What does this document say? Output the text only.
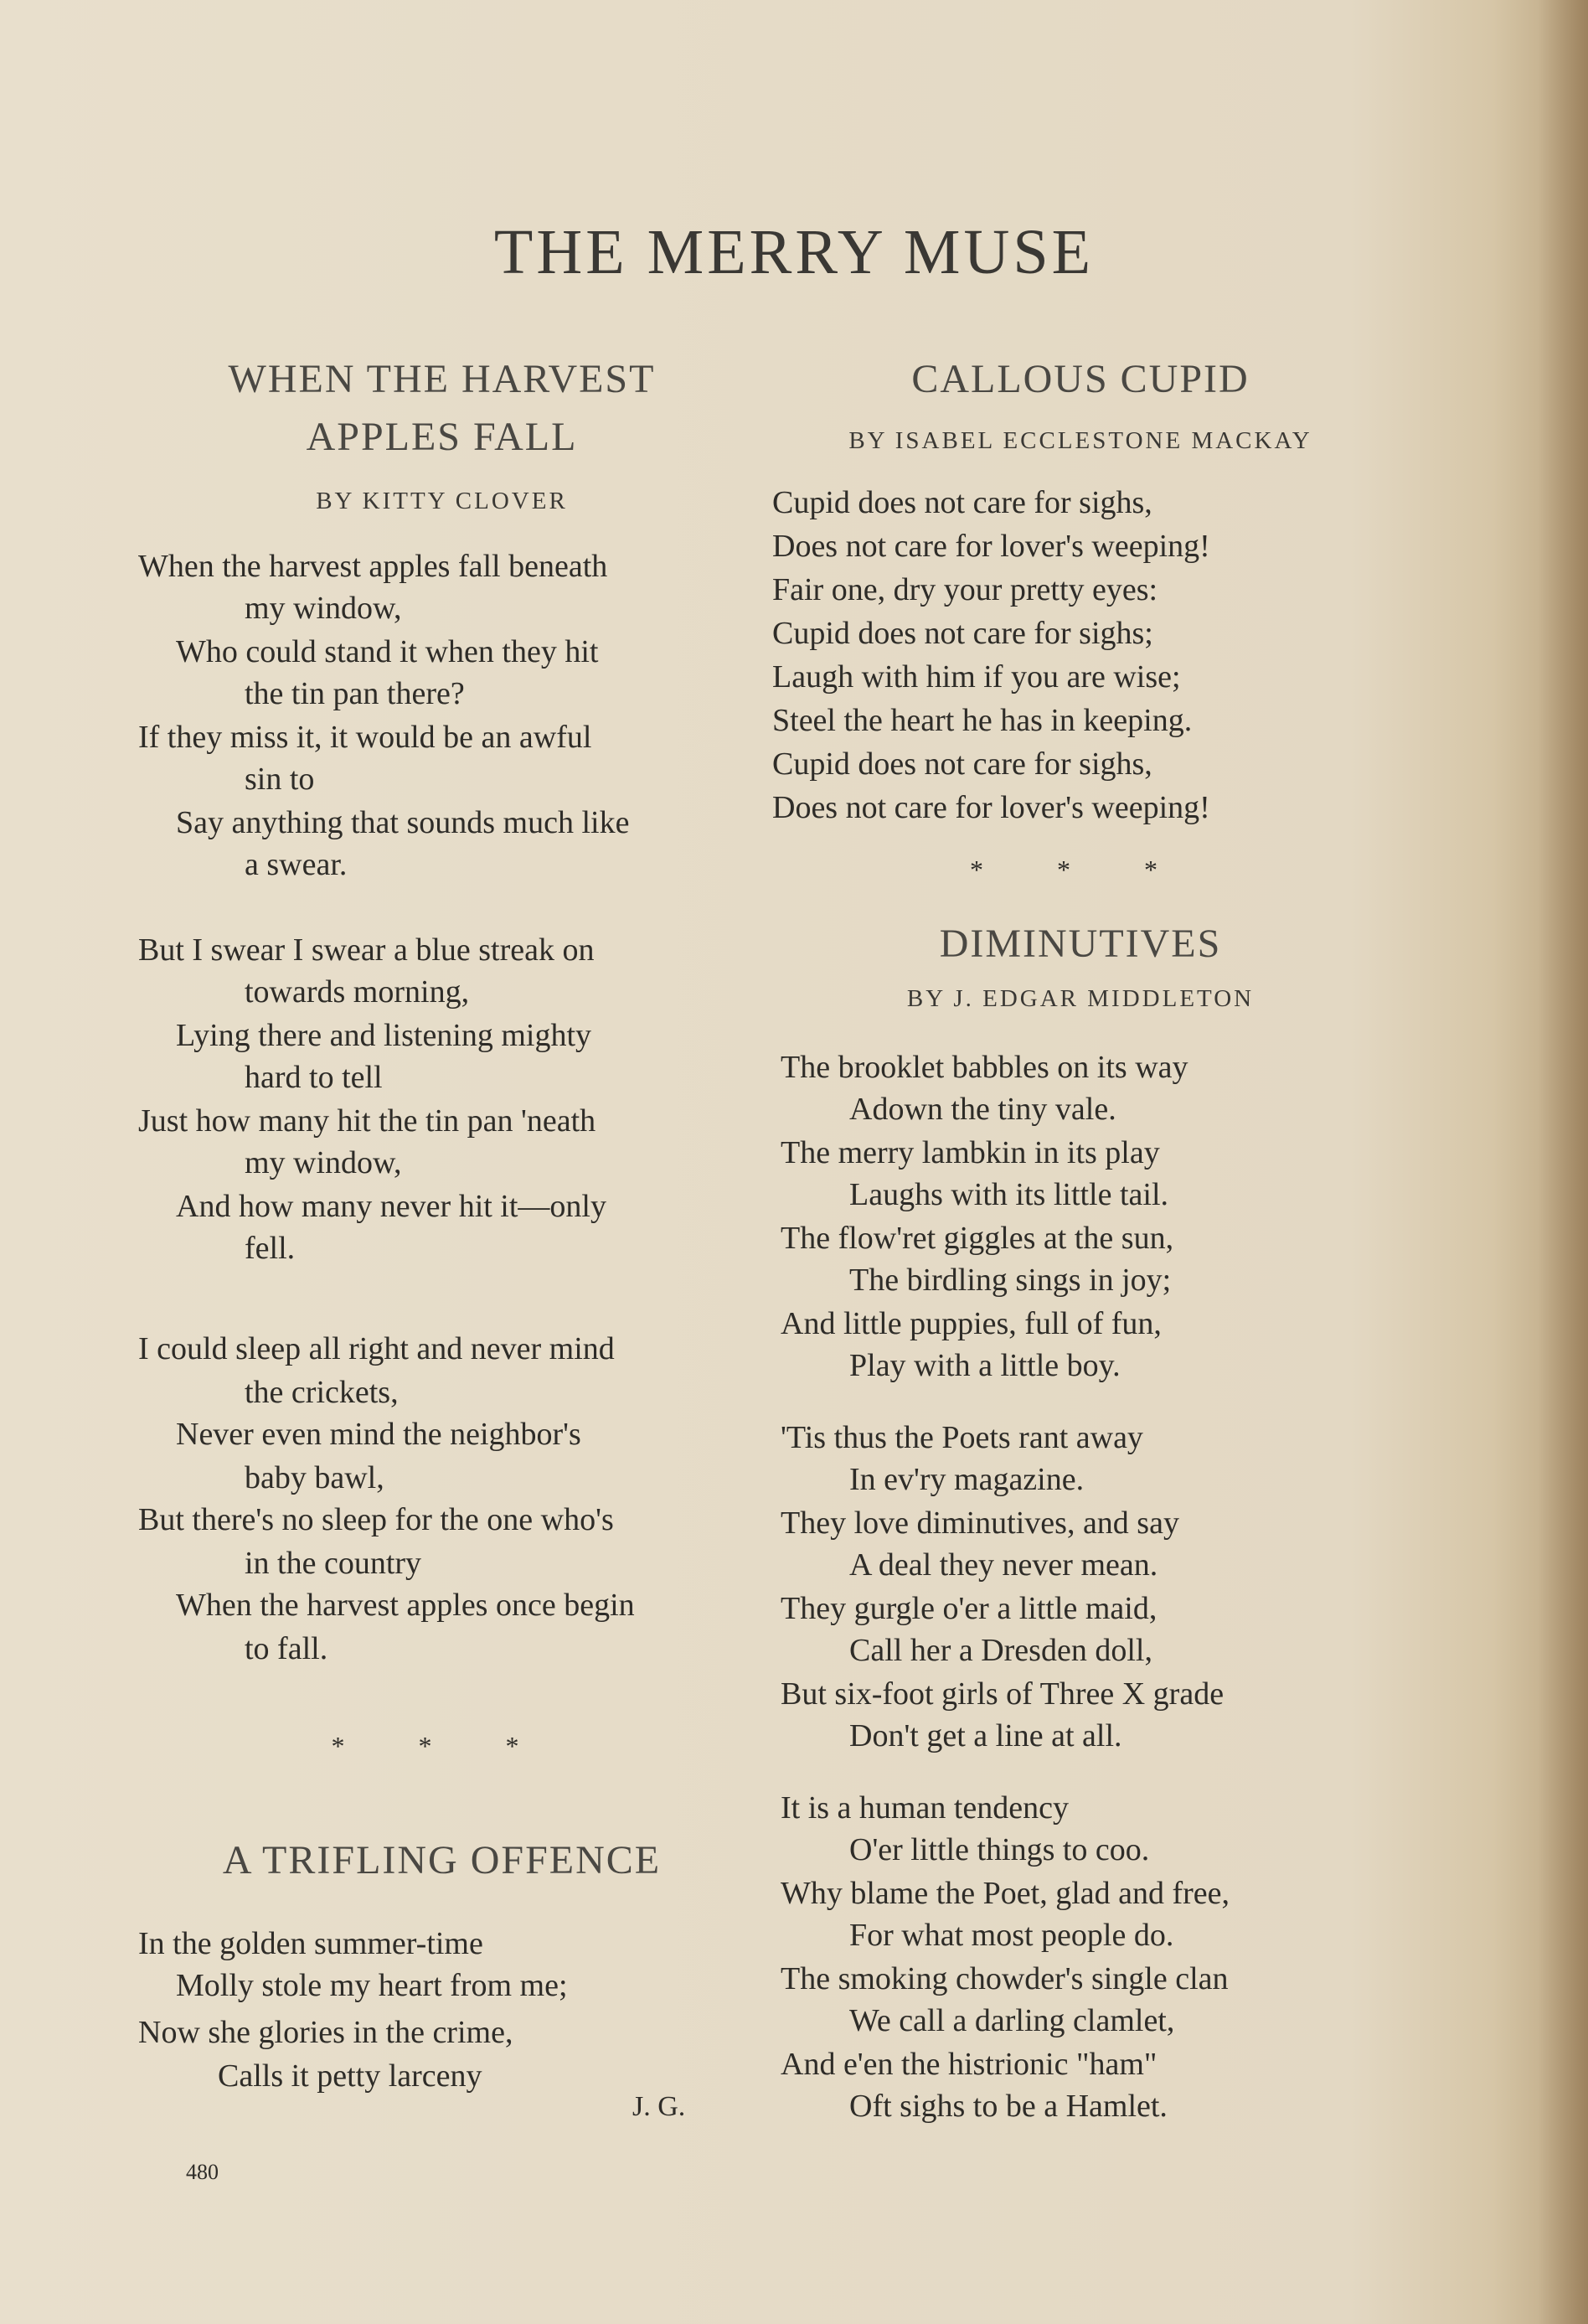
THE MERRY MUSE
WHEN THE HARVEST
APPLES FALL
BY KITTY CLOVER
When the harvest apples fall beneath
my window,
Who could stand it when they hit
the tin pan there?
If they miss it, it would be an awful
sin to
Say anything that sounds much like
a swear.
But I swear I swear a blue streak on
towards morning,
Lying there and listening mighty
hard to tell
Just how many hit the tin pan 'neath
my window,
And how many never hit it—only
fell.
I could sleep all right and never mind
the crickets,
Never even mind the neighbor's
baby bawl,
But there's no sleep for the one who's
in the country
When the harvest apples once begin
to fall.
* * *
A TRIFLING OFFENCE
In the golden summer-time
Molly stole my heart from me;
Now she glories in the crime,
Calls it petty larceny
J. G.
CALLOUS CUPID
BY ISABEL ECCLESTONE MACKAY
Cupid does not care for sighs,
Does not care for lover's weeping!
Fair one, dry your pretty eyes:
Cupid does not care for sighs;
Laugh with him if you are wise;
Steel the heart he has in keeping.
Cupid does not care for sighs,
Does not care for lover's weeping!
* * *
DIMINUTIVES
BY J. EDGAR MIDDLETON
The brooklet babbles on its way
Adown the tiny vale.
The merry lambkin in its play
Laughs with its little tail.
The flow'ret giggles at the sun,
The birdling sings in joy;
And little puppies, full of fun,
Play with a little boy.
'Tis thus the Poets rant away
In ev'ry magazine.
They love diminutives, and say
A deal they never mean.
They gurgle o'er a little maid,
Call her a Dresden doll,
But six-foot girls of Three X grade
Don't get a line at all.
It is a human tendency
O'er little things to coo.
Why blame the Poet, glad and free,
For what most people do.
The smoking chowder's single clan
We call a darling clamlet,
And e'en the histrionic "ham"
Oft sighs to be a Hamlet.
480
